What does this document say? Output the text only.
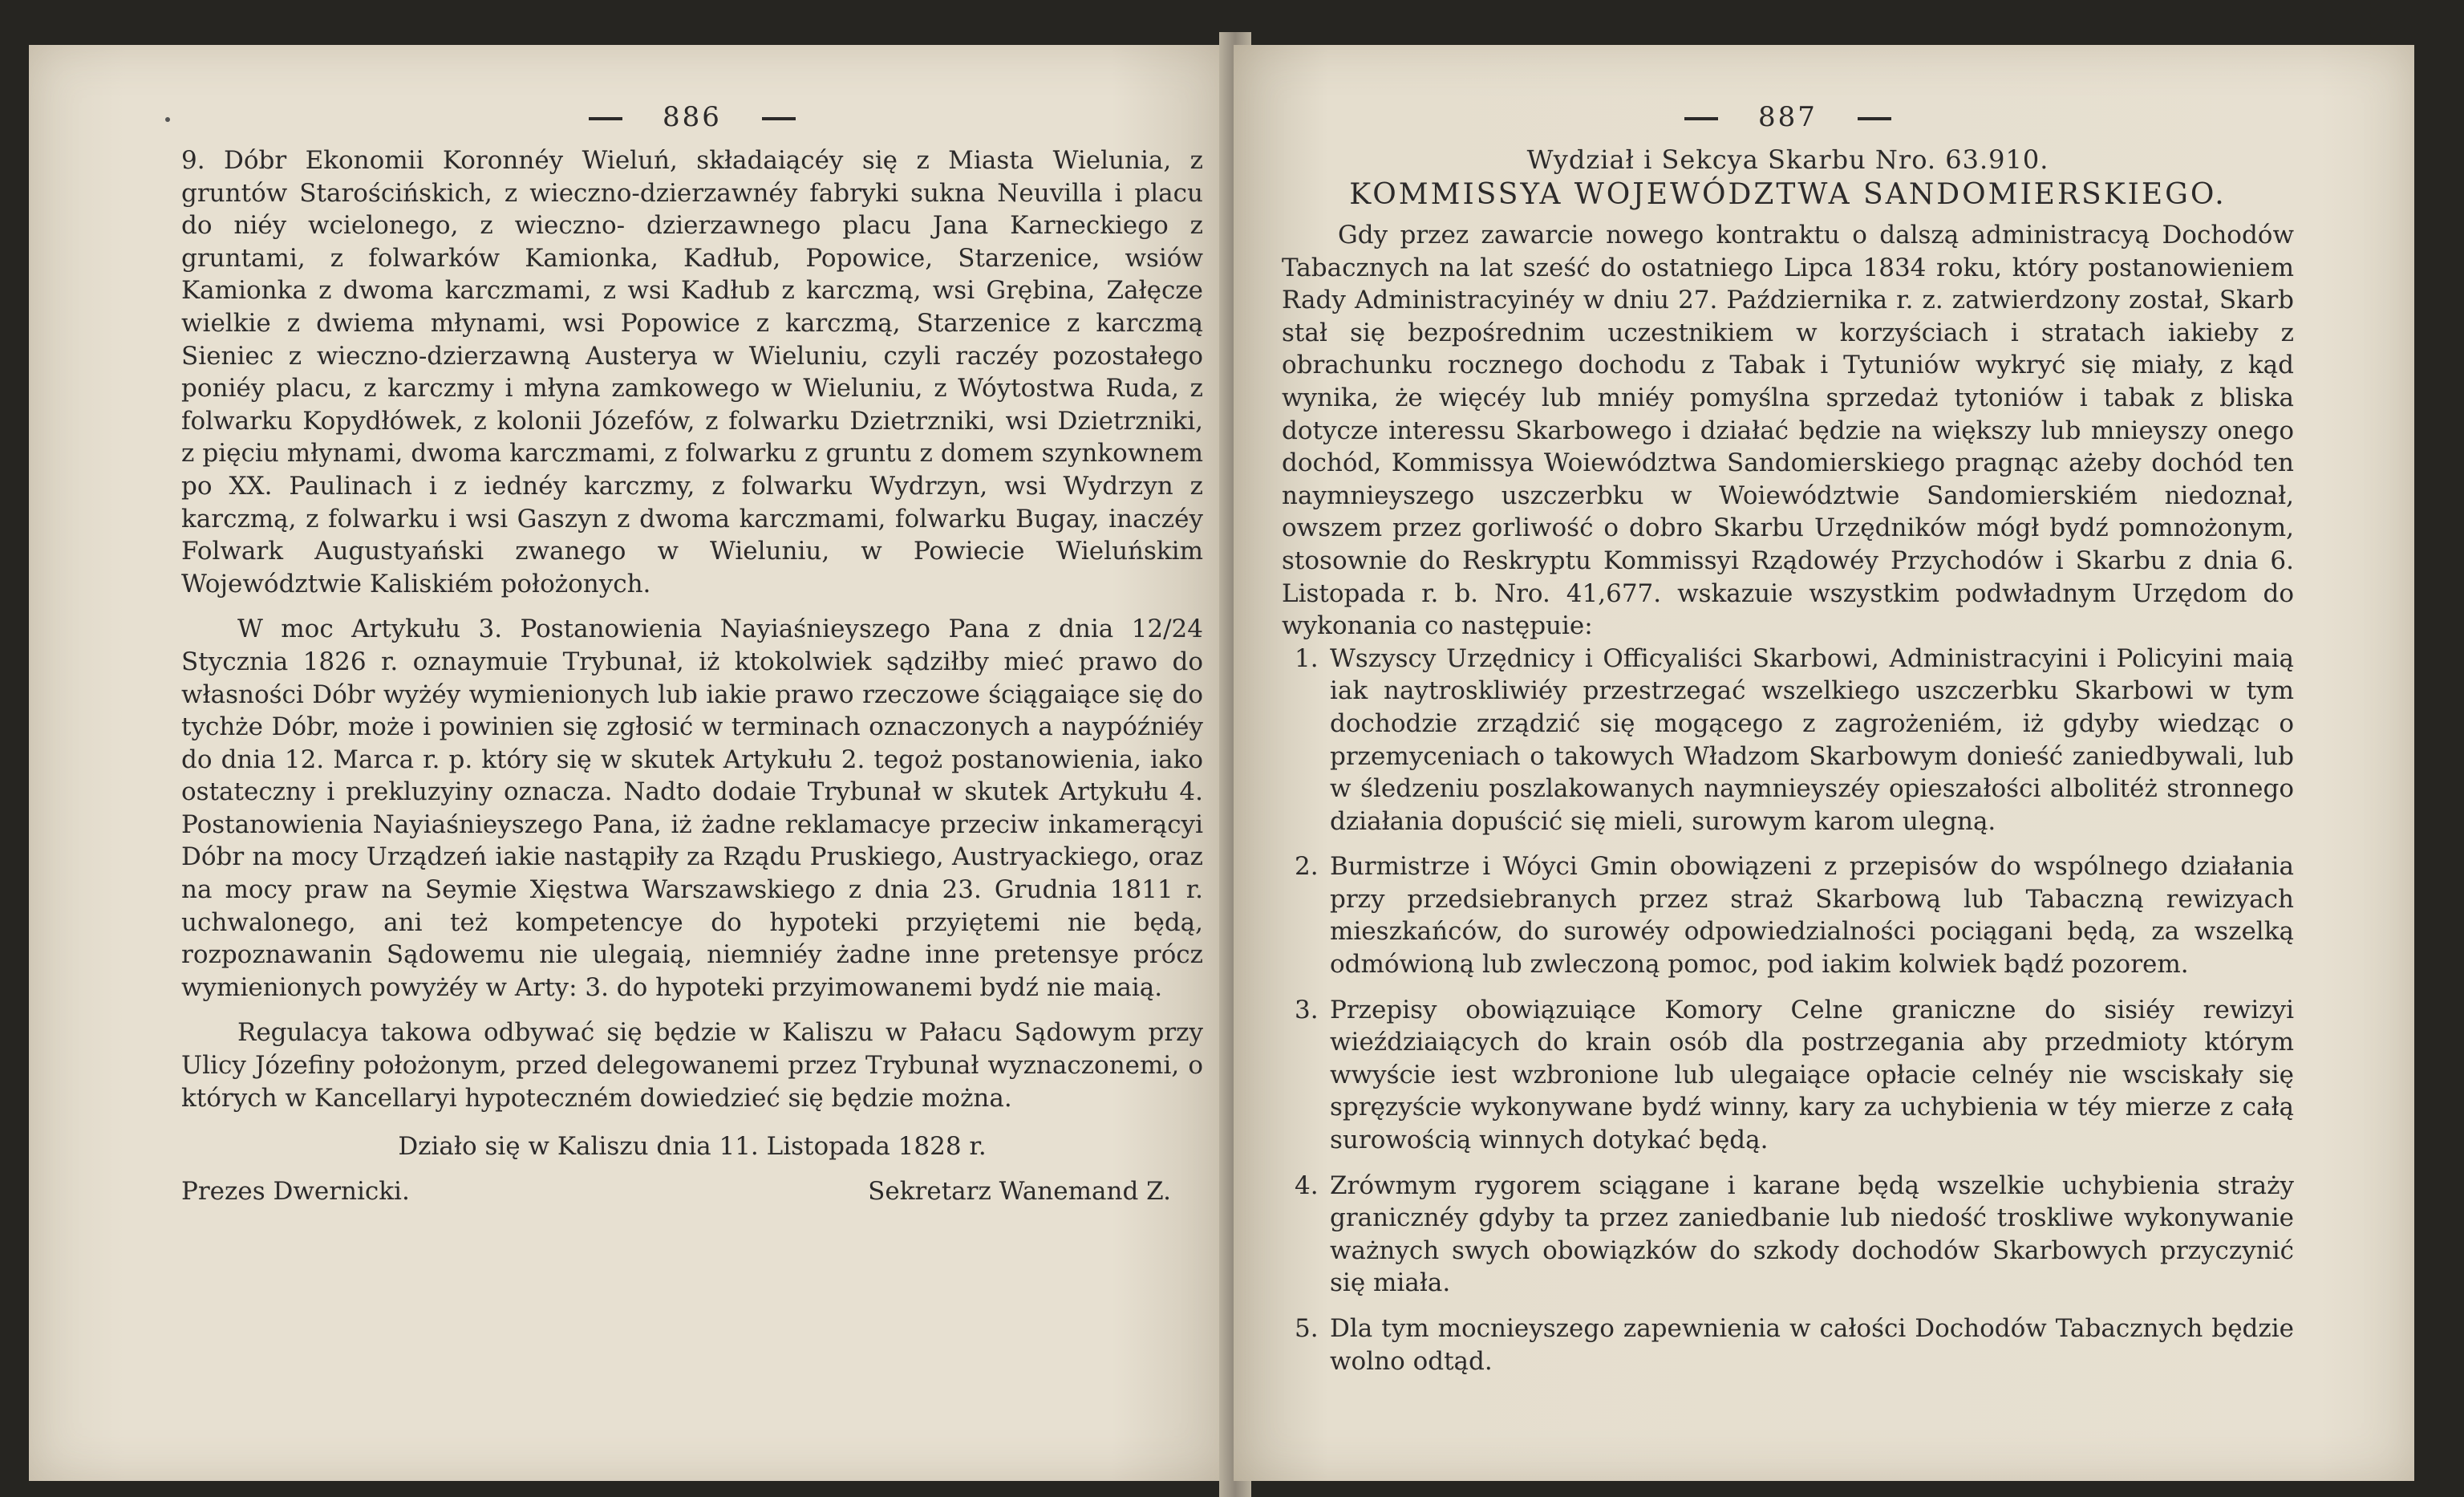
886

9. Dóbr Ekonomii Koronnéy Wieluń, składaiącéy się z Miasta Wielunia, z gruntów Starościńskich, z wieczno-dzierzawnéy fabryki sukna Neuvilla i placu do niéy wcielonego, z wieczno- dzierzawnego placu Jana Karneckiego z gruntami, z folwarków Kamionka, Kadłub, Popowice, Starzenice, wsiów Kamionka z dwoma karczmami, z wsi Kadłub z karczmą, wsi Grębina, Załęcze wielkie z dwiema młynami, wsi Popowice z karczmą, Starzenice z karczmą Sieniec z wieczno-dzierzawną Austerya w Wieluniu, czyli raczéy pozostałego poniéy placu, z karczmy i młyna zamkowego w Wieluniu, z Wóytostwa Ruda, z folwarku Kopydłówek, z kolonii Józefów, z folwarku Dzietrzniki, wsi Dzietrzniki, z pięciu młynami, dwoma karczmami, z folwarku z gruntu z domem szynkownem po XX. Paulinach i z iednéy karczmy, z folwarku Wydrzyn, wsi Wydrzyn z karczmą, z folwarku i wsi Gaszyn z dwoma karczmami, folwarku Bugay, inaczéy Folwark Augustyański zwanego w Wieluniu, w Powiecie Wieluńskim Województwie Kaliskiém położonych.

W moc Artykułu 3. Postanowienia Nayiaśnieyszego Pana z dnia 12/24 Stycznia 1826 r. oznaymuie Trybunał, iż ktokolwiek sądziłby mieć prawo do własności Dóbr wyżéy wymienionych lub iakie prawo rzeczowe ściągaiące się do tychże Dóbr, może i powinien się zgłosić w terminach oznaczonych a naypóźniéy do dnia 12. Marca r. p. który się w skutek Artykułu 2. tegoż postanowienia, iako ostateczny i prekluzyiny oznacza. Nadto dodaie Trybunał w skutek Artykułu 4. Postanowienia Nayiaśnieyszego Pana, iż żadne reklamacye przeciw inkamerącyi Dóbr na mocy Urządzeń iakie nastąpiły za Rządu Pruskiego, Austryackiego, oraz na mocy praw na Seymie Xięstwa Warszawskiego z dnia 23. Grudnia 1811 r. uchwalonego, ani też kompetencye do hypoteki przyiętemi nie będą, rozpoznawanin Sądowemu nie ulegaią, niemniéy żadne inne pretensye prócz wymienionych powyżéy w Arty: 3. do hypoteki przyimowanemi bydź nie maią.

Regulacya takowa odbywać się będzie w Kaliszu w Pałacu Sądowym przy Ulicy Józefiny położonym, przed delegowanemi przez Trybunał wyznaczonemi, o których w Kancellaryi hypoteczném dowiedzieć się będzie można.

Działo się w Kaliszu dnia 11. Listopada 1828 r.
Prezes Dwernicki.	Sekretarz Wanemand Z.
887
Wydział i Sekcya Skarbu Nro. 63.910.
KOMMISSYA WOJEWÓDZTWA SANDOMIERSKIEGO.

Gdy przez zawarcie nowego kontraktu o dalszą administracyą Dochodów Tabacznych na lat sześć do ostatniego Lipca 1834 roku, który postanowieniem Rady Administracyinéy w dniu 27. Października r. z. zatwierdzony został, Skarb stał się bezpośrednim uczestnikiem w korzyściach i stratach iakieby z obrachunku rocznego dochodu z Tabak i Tytuniów wykryć się miały, z kąd wynika, że więcéy lub mniéy pomyślna sprzedaż tytoniów i tabak z bliska dotycze interessu Skarbowego i działać będzie na większy lub mnieyszy onego dochód, Kommissya Woiewództwa Sandomierskiego pragnąc ażeby dochód ten naymnieyszego uszczerbku w Woiewództwie Sandomierskiém niedoznał, owszem przez gorliwość o dobro Skarbu Urzędników mógł bydź pomnożonym, stosownie do Reskryptu Kommissyi Rządowéy Przychodów i Skarbu z dnia 6. Listopada r. b. Nro. 41,677. wskazuie wszystkim podwładnym Urzędom do wykonania co następuie:

1. Wszyscy Urzędnicy i Officyaliści Skarbowi, Administracyini i Policyini maią iak naytroskliwiéy przestrzegać wszelkiego uszczerbku Skarbowi w tym dochodzie zrządzić się mogącego z zagrożeniém, iż gdyby wiedząc o przemyceniach o takowych Władzom Skarbowym donieść zaniedbywali, lub w śledzeniu poszlakowanych naymnieyszéy opieszałości albolitéż stronnego działania dopuścić się mieli, surowym karom ulegną.

2. Burmistrze i Wóyci Gmin obowiązeni z przepisów do wspólnego działania przy przedsiebranych przez straż Skarbową lub Tabaczną rewizyach mieszkańców, do surowéy odpowiedzialności pociągani będą, za wszelką odmówioną lub zwleczoną pomoc, pod iakim kolwiek bądź pozorem.

3. Przepisy obowiązuiące Komory Celne graniczne do sisiéy rewizyi wieździaiących do krain osób dla postrzegania aby przedmioty którym wwyście iest wzbronione lub ulegaiące opłacie celnéy nie wsciskały się spręzyście wykonywane bydź winny, kary za uchybienia w téy mierze z całą surowością winnych dotykać będą.

4. Zrówmym rygorem sciągane i karane będą wszelkie uchybienia straży granicznéy gdyby ta przez zaniedbanie lub niedość troskliwe wykonywanie ważnych swych obowiązków do szkody dochodów Skarbowych przyczynić się miała.

5. Dla tym mocnieyszego zapewnienia w całości Dochodów Tabacznych będzie wolno odtąd.
